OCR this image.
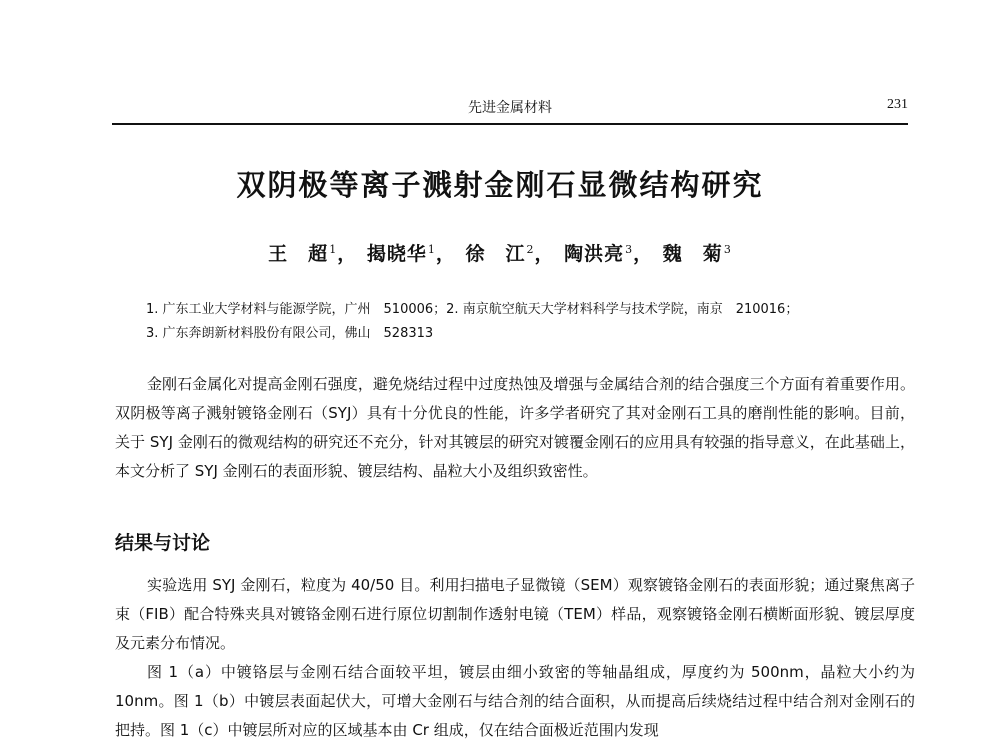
先进金属材料	231
双阴极等离子溅射金刚石显微结构研究
王　超$^1$， 揭晓华$^1$， 徐　江$^2$， 陶洪亮$^3$， 魏　菊$^3$
1. 广东工业大学材料与能源学院，广州　510006；2. 南京航空航天大学材料科学与技术学院，南京　210016；
3. 广东奔朗新材料股份有限公司，佛山　528313

金刚石金属化对提高金刚石强度，避免烧结过程中过度热蚀及增强与金属结合剂的结合强度三个方面有着重要作用。双阴极等离子溅射镀铬金刚石（SYJ）具有十分优良的性能，许多学者研究了其对金刚石工具的磨削性能的影响。目前，关于 SYJ 金刚石的微观结构的研究还不充分，针对其镀层的研究对镀覆金刚石的应用具有较强的指导意义，在此基础上，本文分析了 SYJ 金刚石的表面形貌、镀层结构、晶粒大小及组织致密性。

结果与讨论

实验选用 SYJ 金刚石，粒度为 40/50 目。利用扫描电子显微镜（SEM）观察镀铬金刚石的表面形貌；通过聚焦离子束（FIB）配合特殊夹具对镀铬金刚石进行原位切割制作透射电镜（TEM）样品，观察镀铬金刚石横断面形貌、镀层厚度及元素分布情况。

图 1（a）中镀铬层与金刚石结合面较平坦，镀层由细小致密的等轴晶组成，厚度约为 500nm，晶粒大小约为 10nm。图 1（b）中镀层表面起伏大，可增大金刚石与结合剂的结合面积，从而提高后续烧结过程中结合剂对金刚石的把持。图 1（c）中镀层所对应的区域基本由 Cr 组成，仅在结合面极近范围内发现
